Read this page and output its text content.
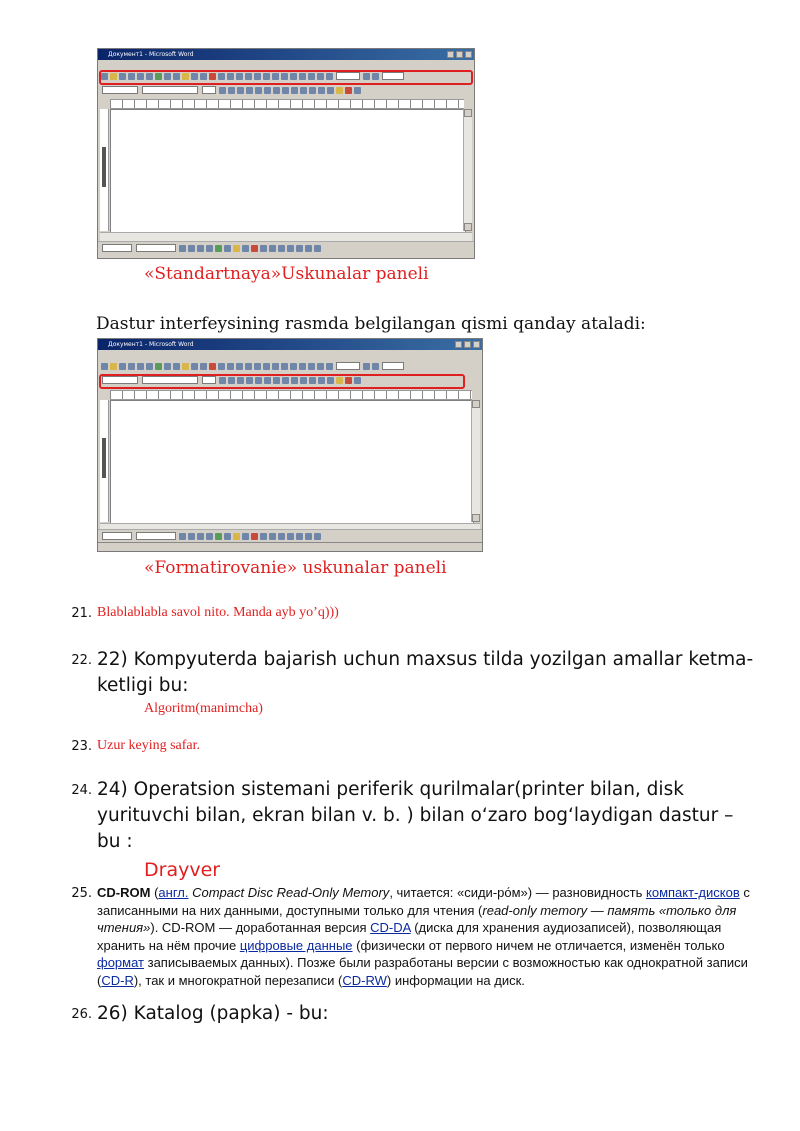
Документ1 - Microsoft Word
«Standartnaya»Uskunalar paneli
Dastur interfeysining rasmda belgilangan qismi qanday ataladi:
Документ1 - Microsoft Word
«Formatirovanie» uskunalar paneli
21. Blablablabla savol nito. Manda ayb yo’q)))
22. 22) Kompyuterda bajarish uchun maxsus tilda yozilgan amallar ketma-
ketligi bu:
Algoritm(manimcha)
23. Uzur keying safar.
24. 24) Operatsion sistemani periferik qurilmalar(printer bilan, disk
yurituvchi bilan, ekran bilan v. b. ) bilan o‘zaro bog‘laydigan dastur –
bu :
Drayver
25. CD-ROM (англ. Compact Disc Read-Only Memory, читается: «сиди-ро́м») — разновидность компакт-дисков с записанными на них данными, доступными только для чтения (read-only memory — память «только для чтения»). CD-ROM — доработанная версия CD-DA (диска для хранения аудиозаписей), позволяющая хранить на нём прочие цифровые данные (физически от первого ничем не отличается, изменён только формат записываемых данных). Позже были разработаны версии с возможностью как однократной записи (CD-R), так и многократной перезаписи (CD-RW) информации на диск.
26. 26) Katalog (papka) - bu:
